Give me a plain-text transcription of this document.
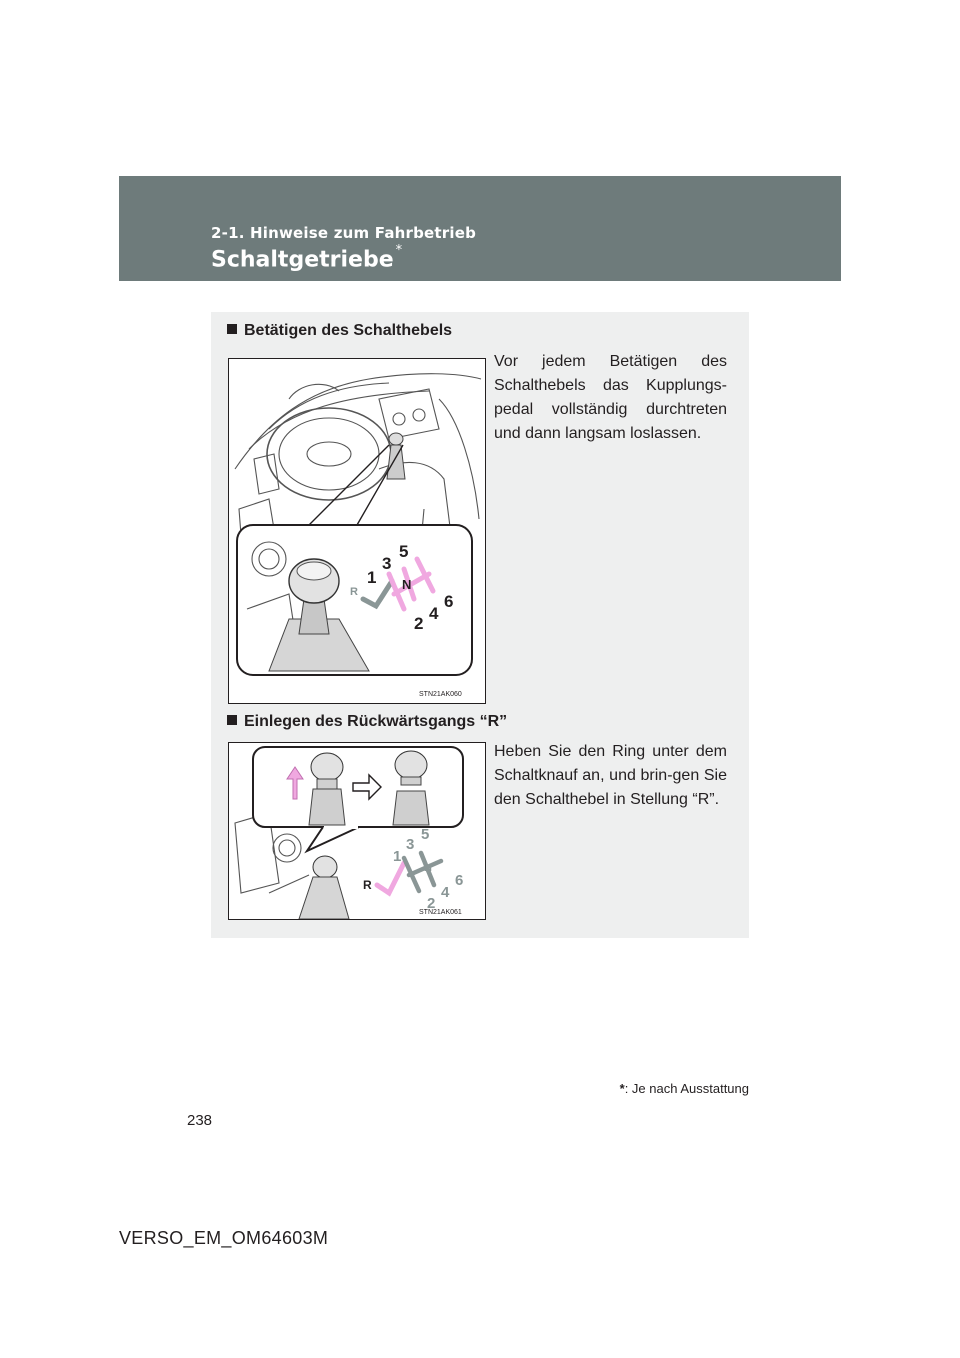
2-1. Hinweise zum Fahrbetrieb
Schaltgetriebe *
Betätigen des Schalthebels
1
3
5
N
2
4
6
R
STN21AK060
Vor jedem Betätigen des Schalthebels das Kupplungs-pedal vollständig durchtreten und dann langsam loslassen.
Einlegen des Rückwärtsgangs “R”
1
3
5
N
2
4
6
R
STN21AK061
Heben Sie den Ring unter dem Schaltknauf an, und brin-gen Sie den Schalthebel in Stellung “R”.
*: Je nach Ausstattung
238
VERSO_EM_OM64603M
